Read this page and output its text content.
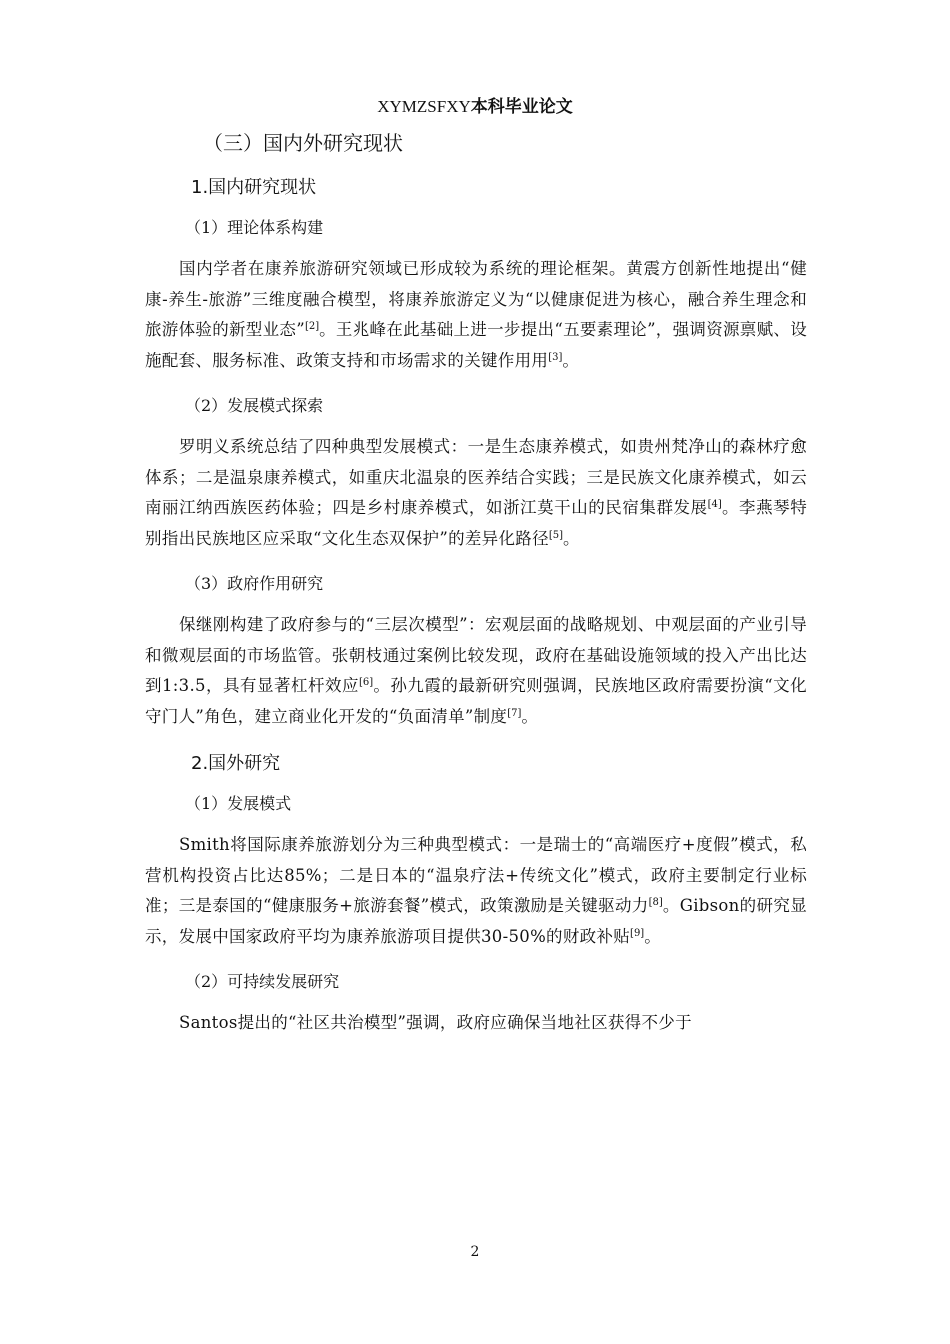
XYMZSFXY本科毕业论文
（三）国内外研究现状
1.国内研究现状
（1）理论体系构建

国内学者在康养旅游研究领域已形成较为系统的理论框架。黄震方创新性地提出“健康-养生-旅游”三维度融合模型，将康养旅游定义为“以健康促进为核心，融合养生理念和旅游体验的新型业态”[2]。王兆峰在此基础上进一步提出“五要素理论”，强调资源禀赋、设施配套、服务标准、政策支持和市场需求的关键作用用[3]。

（2）发展模式探索

罗明义系统总结了四种典型发展模式：一是生态康养模式，如贵州梵净山的森林疗愈体系；二是温泉康养模式，如重庆北温泉的医养结合实践；三是民族文化康养模式，如云南丽江纳西族医药体验；四是乡村康养模式，如浙江莫干山的民宿集群发展[4]。李燕琴特别指出民族地区应采取“文化生态双保护”的差异化路径[5]。

（3）政府作用研究

保继刚构建了政府参与的“三层次模型”：宏观层面的战略规划、中观层面的产业引导和微观层面的市场监管。张朝枝通过案例比较发现，政府在基础设施领域的投入产出比达到1:3.5，具有显著杠杆效应[6]。孙九霞的最新研究则强调，民族地区政府需要扮演“文化守门人”角色，建立商业化开发的“负面清单”制度[7]。

2.国外研究
（1）发展模式

Smith将国际康养旅游划分为三种典型模式：一是瑞士的“高端医疗+度假”模式，私营机构投资占比达85%；二是日本的“温泉疗法+传统文化”模式，政府主要制定行业标准；三是泰国的“健康服务+旅游套餐”模式，政策激励是关键驱动力[8]。Gibson的研究显示，发展中国家政府平均为康养旅游项目提供30-50%的财政补贴[9]。

（2）可持续发展研究

Santos提出的“社区共治模型”强调，政府应确保当地社区获得不少于

2
